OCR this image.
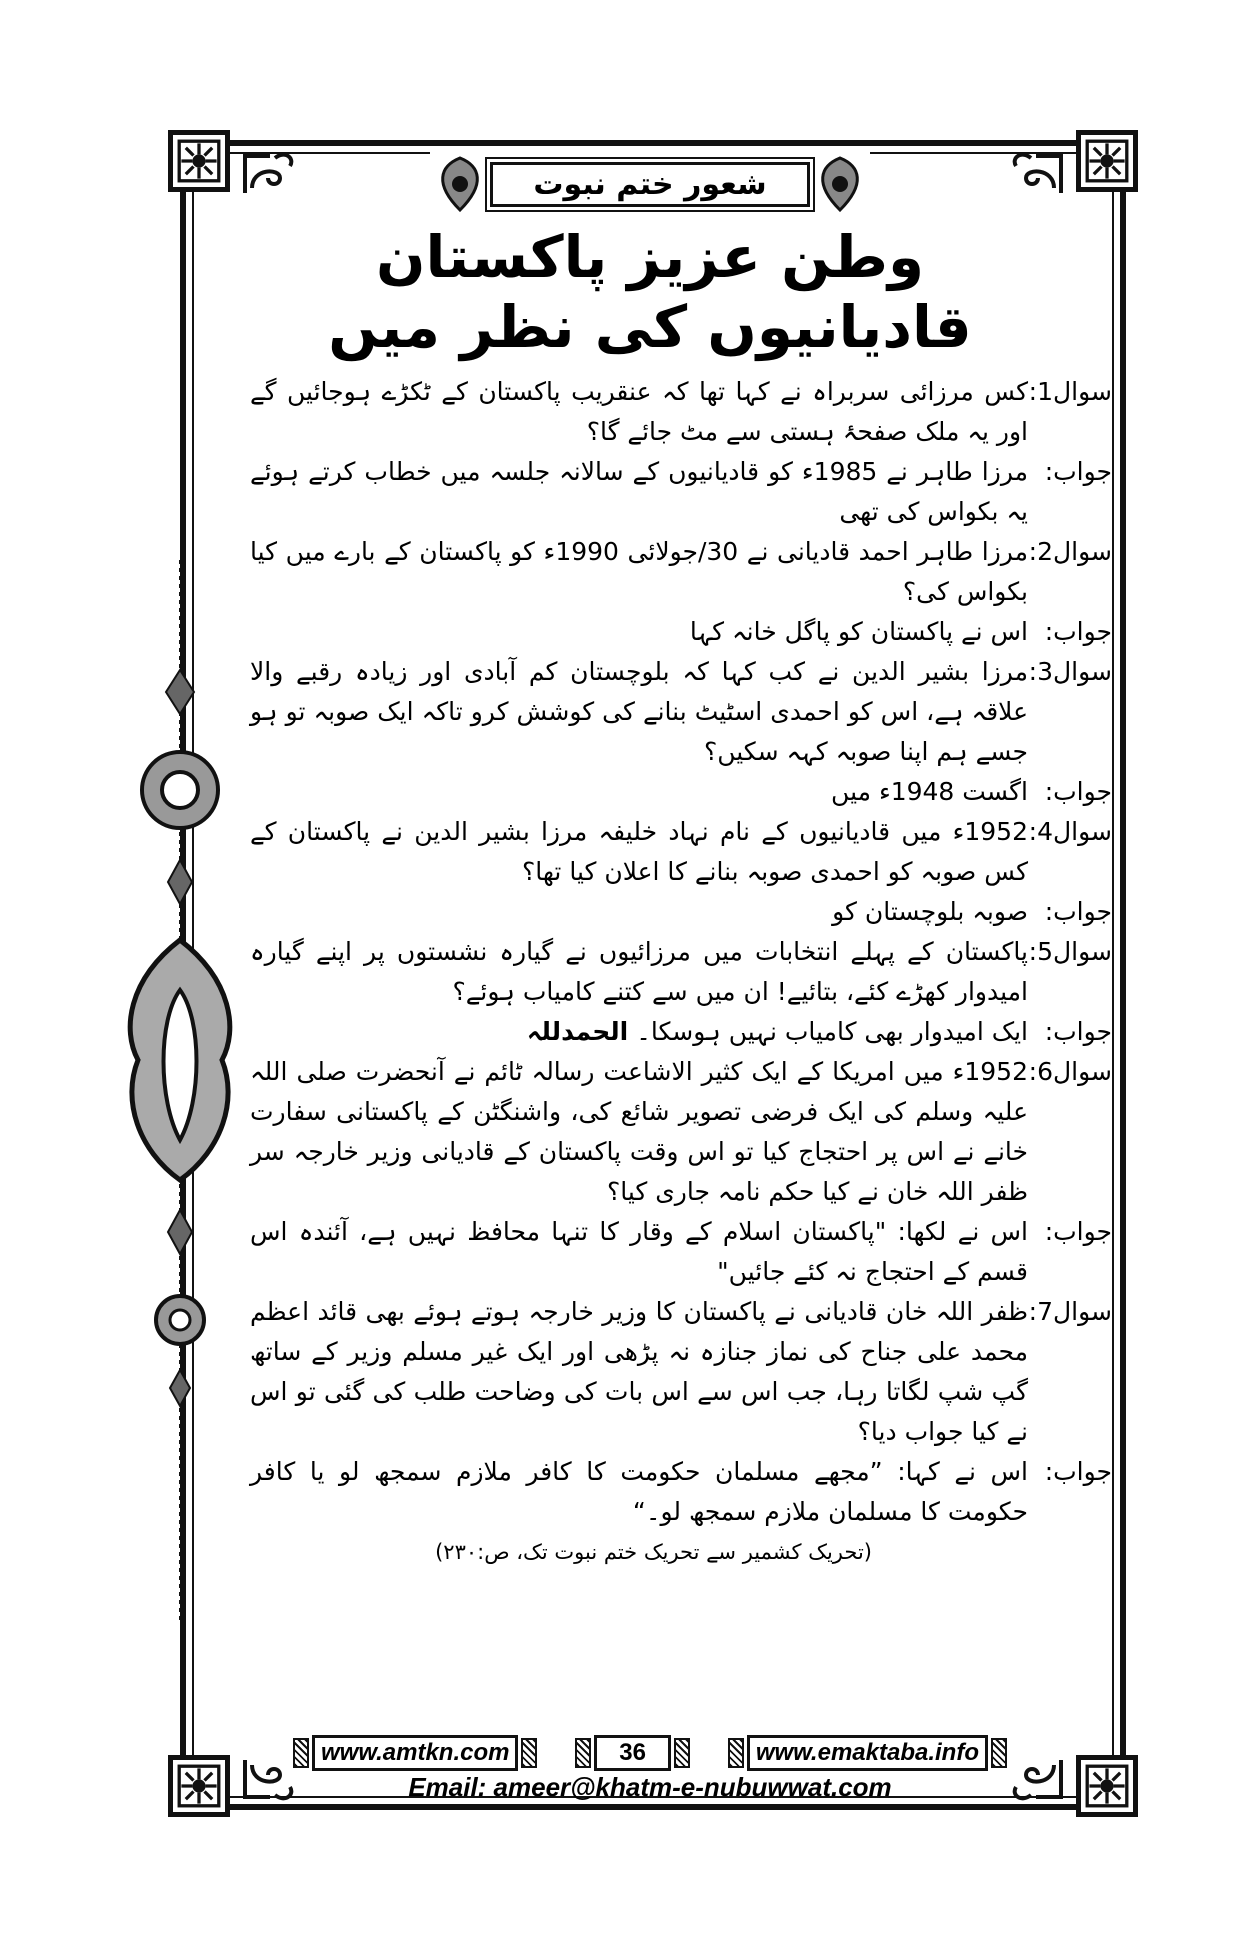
شعور ختم نبوت
وطن عزیز پاکستان
قادیانیوں کی نظر میں
سوال1:
کس مرزائی سربراہ نے کہا تھا کہ عنقریب پاکستان کے ٹکڑے ہوجائیں گے اور یہ ملک صفحۂ ہستی سے مٹ جائے گا؟
جواب:
مرزا طاہر نے 1985ء کو قادیانیوں کے سالانہ جلسہ میں خطاب کرتے ہوئے یہ بکواس کی تھی
سوال2:
مرزا طاہر احمد قادیانی نے 30/جولائی 1990ء کو پاکستان کے بارے میں کیا بکواس کی؟
جواب:
اس نے پاکستان کو پاگل خانہ کہا
سوال3:
مرزا بشیر الدین نے کب کہا کہ بلوچستان کم آبادی اور زیادہ رقبے والا علاقہ ہے، اس کو احمدی اسٹیٹ بنانے کی کوشش کرو تاکہ ایک صوبہ تو ہو جسے ہم اپنا صوبہ کہہ سکیں؟
جواب:
اگست 1948ء میں
سوال4:
1952ء میں قادیانیوں کے نام نہاد خلیفہ مرزا بشیر الدین نے پاکستان کے کس صوبہ کو احمدی صوبہ بنانے کا اعلان کیا تھا؟
جواب:
صوبہ بلوچستان کو
سوال5:
پاکستان کے پہلے انتخابات میں مرزائیوں نے گیارہ نشستوں پر اپنے گیارہ امیدوار کھڑے کئے، بتائیے! ان میں سے کتنے کامیاب ہوئے؟
جواب:
ایک امیدوار بھی کامیاب نہیں ہوسکا۔ الحمدللہ
سوال6:
1952ء میں امریکا کے ایک کثیر الاشاعت رسالہ ٹائم نے آنحضرت صلی اللہ علیہ وسلم کی ایک فرضی تصویر شائع کی، واشنگٹن کے پاکستانی سفارت خانے نے اس پر احتجاج کیا تو اس وقت پاکستان کے قادیانی وزیر خارجہ سر ظفر اللہ خان نے کیا حکم نامہ جاری کیا؟
جواب:
اس نے لکھا: "پاکستان اسلام کے وقار کا تنہا محافظ نہیں ہے، آئندہ اس قسم کے احتجاج نہ کئے جائیں"
سوال7:
ظفر اللہ خان قادیانی نے پاکستان کا وزیر خارجہ ہوتے ہوئے بھی قائد اعظم محمد علی جناح کی نماز جنازہ نہ پڑھی اور ایک غیر مسلم وزیر کے ساتھ گپ شپ لگاتا رہا، جب اس سے اس بات کی وضاحت طلب کی گئی تو اس نے کیا جواب دیا؟
جواب:
اس نے کہا: ”مجھے مسلمان حکومت کا کافر ملازم سمجھ لو یا کافر حکومت کا مسلمان ملازم سمجھ لو۔“
(تحریک کشمیر سے تحریک ختم نبوت تک، ص:۲۳۰)
www.amtkn.com	36	www.emaktaba.info
Email: ameer@khatm-e-nubuwwat.com
